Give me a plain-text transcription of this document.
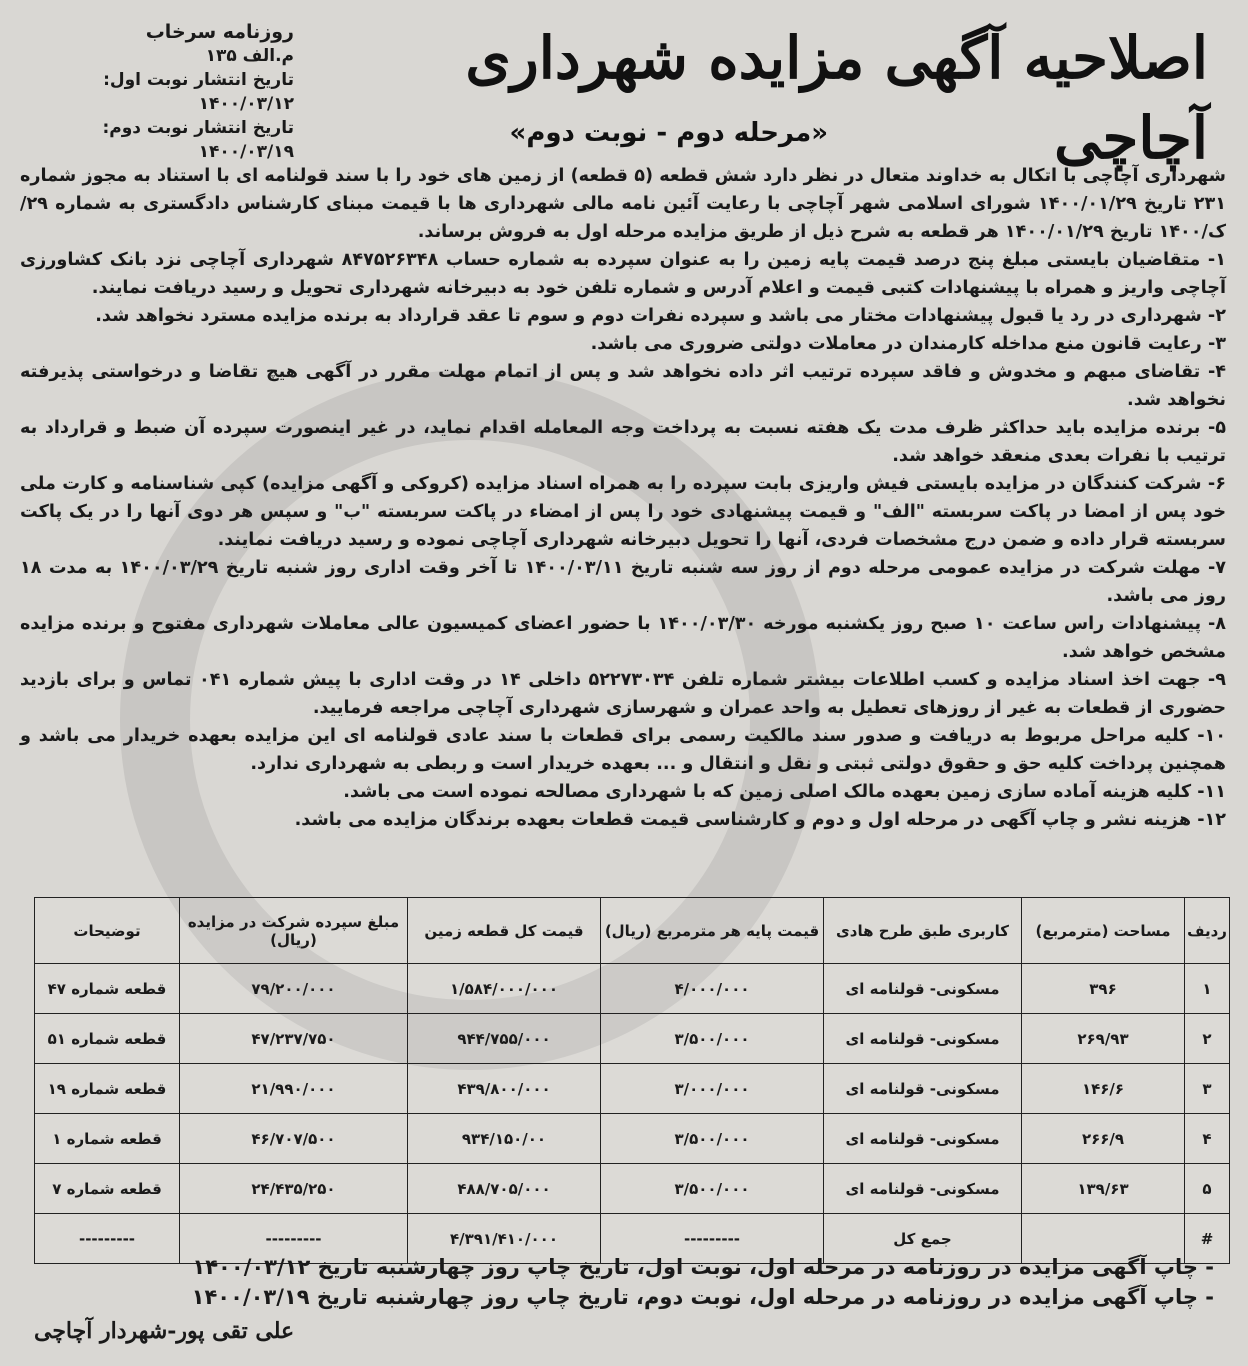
اصلاحیه آگهی مزایده شهرداری آچاچی
«مرحله دوم - نوبت دوم»
روزنامه سرخاب
م.الف ۱۳۵
تاریخ انتشار نوبت اول: ۱۴۰۰/۰۳/۱۲
تاریخ انتشار نوبت دوم: ۱۴۰۰/۰۳/۱۹

شهرداری آچاچی با اتکال به خداوند متعال در نظر دارد شش قطعه (۵ قطعه) از زمین های خود را با سند قولنامه ای با استناد به مجوز شماره ۲۳۱ تاریخ ۱۴۰۰/۰۱/۲۹ شورای اسلامی شهر آچاچی با رعایت آئین نامه مالی شهرداری ها با قیمت مبنای کارشناس دادگستری به شماره ۲۹/ک/۱۴۰۰ تاریخ ۱۴۰۰/۰۱/۲۹ هر قطعه به شرح ذیل از طریق مزایده مرحله اول به فروش برساند.

۱- متقاضیان بایستی مبلغ پنج درصد قیمت پایه زمین را به عنوان سپرده به شماره حساب ۸۴۷۵۲۶۳۴۸ شهرداری آچاچی نزد بانک کشاورزی آچاچی واریز و همراه با پیشنهادات کتبی قیمت و اعلام آدرس و شماره تلفن خود به دبیرخانه شهرداری تحویل و رسید دریافت نمایند.

۲- شهرداری در رد یا قبول پیشنهادات مختار می باشد و سپرده نفرات دوم و سوم تا عقد قرارداد به برنده مزایده مسترد نخواهد شد.

۳- رعایت قانون منع مداخله کارمندان در معاملات دولتی ضروری می باشد.

۴- تقاضای مبهم و مخدوش و فاقد سپرده ترتیب اثر داده نخواهد شد و پس از اتمام مهلت مقرر در آگهی هیچ تقاضا و درخواستی پذیرفته نخواهد شد.

۵- برنده مزایده باید حداکثر ظرف مدت یک هفته نسبت به پرداخت وجه المعامله اقدام نماید، در غیر اینصورت سپرده آن ضبط و قرارداد به ترتیب با نفرات بعدی منعقد خواهد شد.

۶- شرکت کنندگان در مزایده بایستی فیش واریزی بابت سپرده را به همراه اسناد مزایده (کروکی و آگهی مزایده) کپی شناسنامه و کارت ملی خود پس از امضا در پاکت سربسته "الف" و قیمت پیشنهادی خود را پس از امضاء در پاکت سربسته "ب" و سپس هر دوی آنها را در یک پاکت سربسته قرار داده و ضمن درج مشخصات فردی، آنها را تحویل دبیرخانه شهرداری آچاچی نموده و رسید دریافت نمایند.

۷- مهلت شرکت در مزایده عمومی مرحله دوم از روز سه شنبه تاریخ ۱۴۰۰/۰۳/۱۱ تا آخر وقت اداری روز شنبه تاریخ ۱۴۰۰/۰۳/۲۹ به مدت ۱۸ روز می باشد.

۸- پیشنهادات راس ساعت ۱۰ صبح روز یکشنبه مورخه ۱۴۰۰/۰۳/۳۰ با حضور اعضای کمیسیون عالی معاملات شهرداری مفتوح و برنده مزایده مشخص خواهد شد.

۹- جهت اخذ اسناد مزایده و کسب اطلاعات بیشتر شماره تلفن ۵۲۲۷۳۰۳۴ داخلی ۱۴ در وقت اداری با پیش شماره ۰۴۱ تماس و برای بازدید حضوری از قطعات به غیر از روزهای تعطیل به واحد عمران و شهرسازی شهرداری آچاچی مراجعه فرمایید.

۱۰- کلیه مراحل مربوط به دریافت و صدور سند مالکیت رسمی برای قطعات با سند عادی قولنامه ای این مزایده بعهده خریدار می باشد و همچنین پرداخت کلیه حق و حقوق دولتی ثبتی و نقل و انتقال و ... بعهده خریدار است و ربطی به شهرداری ندارد.

۱۱- کلیه هزینه آماده سازی زمین بعهده مالک اصلی زمین که با شهرداری مصالحه نموده است می باشد.

۱۲- هزینه نشر و چاپ آگهی در مرحله اول و دوم و کارشناسی قیمت قطعات بعهده برندگان مزایده می باشد.

ردیف	مساحت (مترمربع)	کاربری طبق طرح هادی	قیمت پایه هر مترمربع (ریال)	قیمت کل قطعه زمین	مبلغ سپرده شرکت در مزایده (ریال)	توضیحات
۱	۳۹۶	مسکونی- قولنامه ای	۴/۰۰۰/۰۰۰	۱/۵۸۴/۰۰۰/۰۰۰	۷۹/۲۰۰/۰۰۰	قطعه شماره ۴۷
۲	۲۶۹/۹۳	مسکونی- قولنامه ای	۳/۵۰۰/۰۰۰	۹۴۴/۷۵۵/۰۰۰	۴۷/۲۳۷/۷۵۰	قطعه شماره ۵۱
۳	۱۴۶/۶	مسکونی- قولنامه ای	۳/۰۰۰/۰۰۰	۴۳۹/۸۰۰/۰۰۰	۲۱/۹۹۰/۰۰۰	قطعه شماره ۱۹
۴	۲۶۶/۹	مسکونی- قولنامه ای	۳/۵۰۰/۰۰۰	۹۳۴/۱۵۰/۰۰	۴۶/۷۰۷/۵۰۰	قطعه شماره ۱
۵	۱۳۹/۶۳	مسکونی- قولنامه ای	۳/۵۰۰/۰۰۰	۴۸۸/۷۰۵/۰۰۰	۲۴/۴۳۵/۲۵۰	قطعه شماره ۷
#		جمع کل	---------	۴/۳۹۱/۴۱۰/۰۰۰	---------	---------
- چاپ آگهی مزایده در روزنامه در مرحله اول، نوبت اول، تاریخ چاپ روز چهارشنبه تاریخ ۱۴۰۰/۰۳/۱۲
- چاپ آگهی مزایده در روزنامه در مرحله اول، نوبت دوم، تاریخ چاپ روز چهارشنبه تاریخ ۱۴۰۰/۰۳/۱۹
علی تقی پور-شهردار آچاچی
